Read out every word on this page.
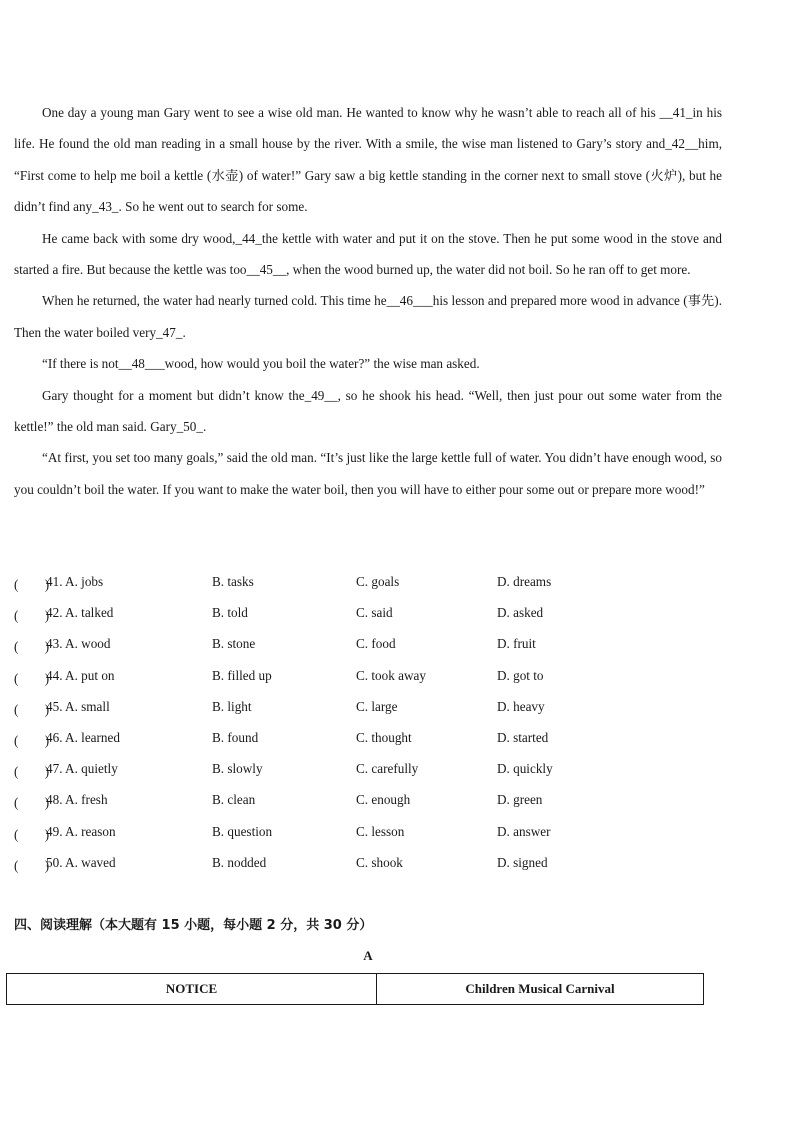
One day a young man Gary went to see a wise old man. He wanted to know why he wasn’t able to reach all of his __41_in his life. He found the old man reading in a small house by the river. With a smile, the wise man listened to Gary’s story and_42__him, “First come to help me boil a kettle (水壶) of water!” Gary saw a big kettle standing in the corner next to small stove (火炉), but he didn’t find any_43_. So he went out to search for some.

He came back with some dry wood,_44_the kettle with water and put it on the stove. Then he put some wood in the stove and started a fire. But because the kettle was too__45__, when the wood burned up, the water did not boil. So he ran off to get more.

When he returned, the water had nearly turned cold. This time he__46___his lesson and prepared more wood in advance (事先). Then the water boiled very_47_.

“If there is not__48___wood, how would you boil the water?” the wise man asked.

Gary thought for a moment but didn’t know the_49__, so he shook his head. “Well, then just pour out some water from the kettle!” the old man said. Gary_50_.

“At first, you set too many goals,” said the old man. “It’s just like the large kettle full of water. You didn’t have enough wood, so you couldn’t boil the water. If you want to make the water boil, then you will have to either pour some out or prepare more wood!”

(　　)
41. A. jobs	B. tasks	C. goals	D. dreams
(　　)
42. A. talked	B. told	C. said	D. asked
(　　)
43. A. wood	B. stone	C. food	D. fruit
(　　)
44. A. put on	B. filled up	C. took away	D. got to
(　　)
45. A. small	B. light	C. large	D. heavy
(　　)
46. A. learned	B. found	C. thought	D. started
(　　)
47. A. quietly	B. slowly	C. carefully	D. quickly
(　　)
48. A. fresh	B. clean	C. enough	D. green
(　　)
49. A. reason	B. question	C. lesson	D. answer
(　　)
50. A. waved	B. nodded	C. shook	D. signed
四、阅读理解（本大题有 15 小题，每小题 2 分，共 30 分）
A
NOTICE	Children Musical Carnival
